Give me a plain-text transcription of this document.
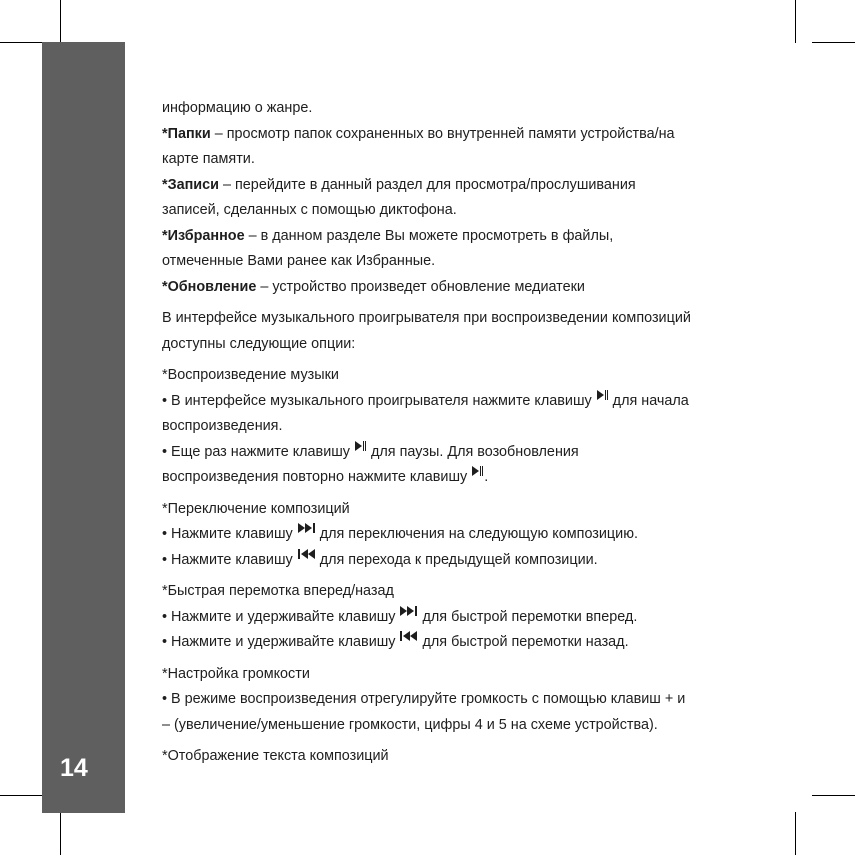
14

информацию о жанре.

*Папки – просмотр папок сохраненных во внутренней памяти устройства/на

карте памяти.

*Записи – перейдите в данный раздел для просмотра/прослушивания

записей, сделанных с помощью диктофона.

*Избранное – в данном разделе Вы можете просмотреть в файлы,

отмеченные Вами ранее как Избранные.

*Обновление – устройство произведет обновление медиатеки

В интерфейсе музыкального проигрывателя при воспроизведении композиций

доступны следующие опции:

*Воспроизведение музыки

• В интерфейсе музыкального проигрывателя нажмите клавишу  для начала

воспроизведения.

• Еще раз нажмите клавишу  для паузы. Для возобновления

воспроизведения повторно нажмите клавишу .

*Переключение композиций

• Нажмите клавишу  для переключения на следующую композицию.

• Нажмите клавишу  для перехода к предыдущей композиции.

*Быстрая перемотка вперед/назад

• Нажмите и удерживайте клавишу  для быстрой перемотки вперед.

• Нажмите и удерживайте клавишу  для быстрой перемотки назад.

*Настройка громкости

• В режиме воспроизведения отрегулируйте громкость с помощью клавиш + и

– (увеличение/уменьшение громкости, цифры 4 и 5 на схеме устройства).

*Отображение текста композиций
